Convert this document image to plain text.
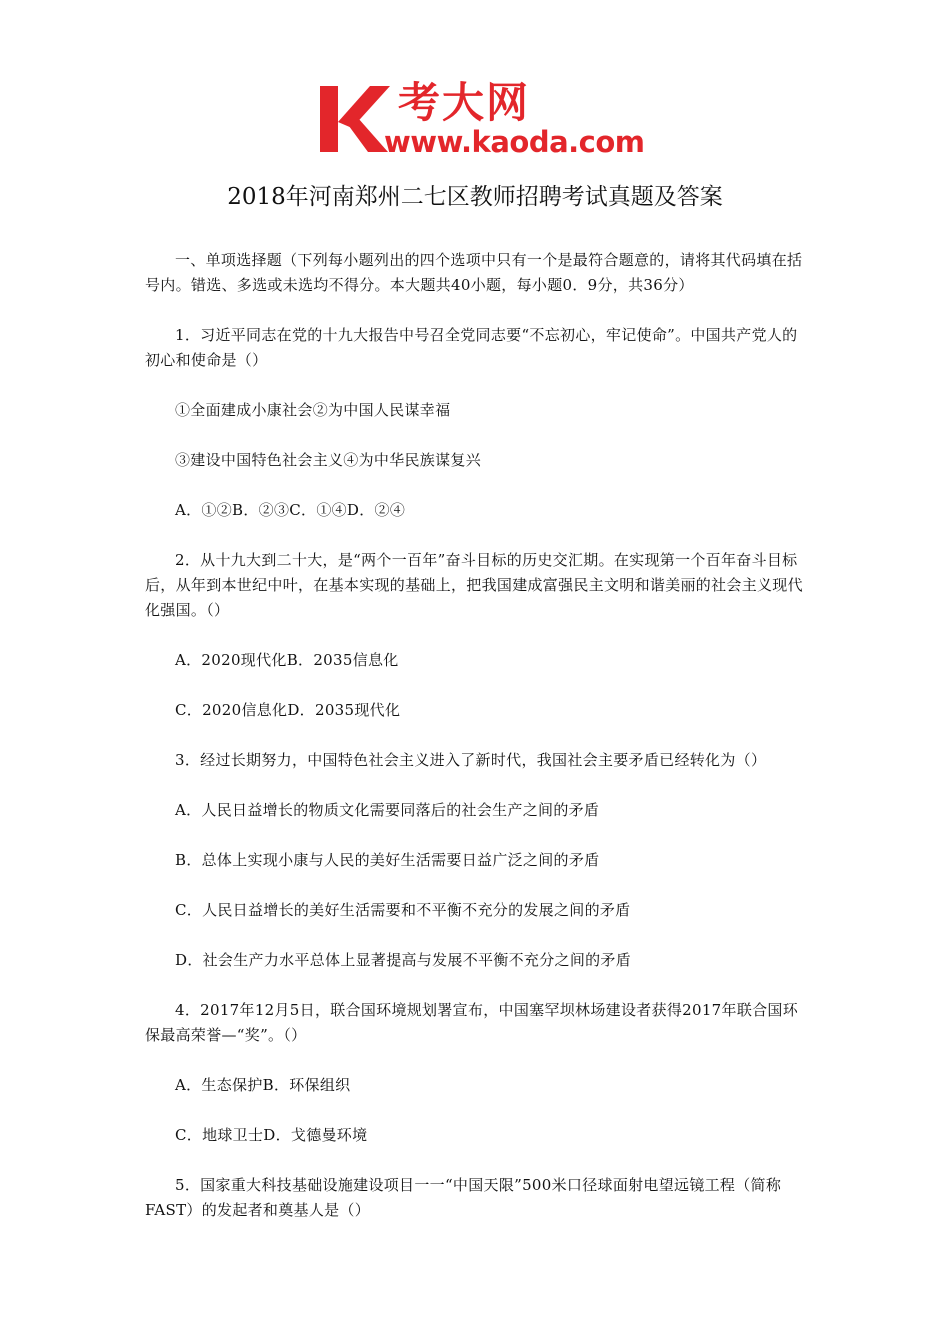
考大网
www.kaoda.com
2018年河南郑州二七区教师招聘考试真题及答案

一、单项选择题（下列每小题列出的四个选项中只有一个是最符合题意的，请将其代码填在括号内。错选、多选或未选均不得分。本大题共40小题，每小题0．9分，共36分）

1．习近平同志在党的十九大报告中号召全党同志要“不忘初心，牢记使命”。中国共产党人的初心和使命是（）

①全面建成小康社会②为中国人民谋幸福

③建设中国特色社会主义④为中华民族谋复兴

A．①②B．②③C．①④D．②④

2．从十九大到二十大，是“两个一百年”奋斗目标的历史交汇期。在实现第一个百年奋斗目标后，从年到本世纪中叶，在基本实现的基础上，把我国建成富强民主文明和谐美丽的社会主义现代化强国。（）

A．2020现代化B．2035信息化

C．2020信息化D．2035现代化

3．经过长期努力，中国特色社会主义进入了新时代，我国社会主要矛盾已经转化为（）

A．人民日益增长的物质文化需要同落后的社会生产之间的矛盾

B．总体上实现小康与人民的美好生活需要日益广泛之间的矛盾

C．人民日益增长的美好生活需要和不平衡不充分的发展之间的矛盾

D．社会生产力水平总体上显著提高与发展不平衡不充分之间的矛盾

4．2017年12月5日，联合国环境规划署宣布，中国塞罕坝林场建设者获得2017年联合国环保最高荣誉—“奖”。（）

A．生态保护B．环保组织

C．地球卫士D．戈德曼环境

5．国家重大科技基础设施建设项目一一“中国天限”500米口径球面射电望远镜工程（简称FAST）的发起者和奠基人是（）
